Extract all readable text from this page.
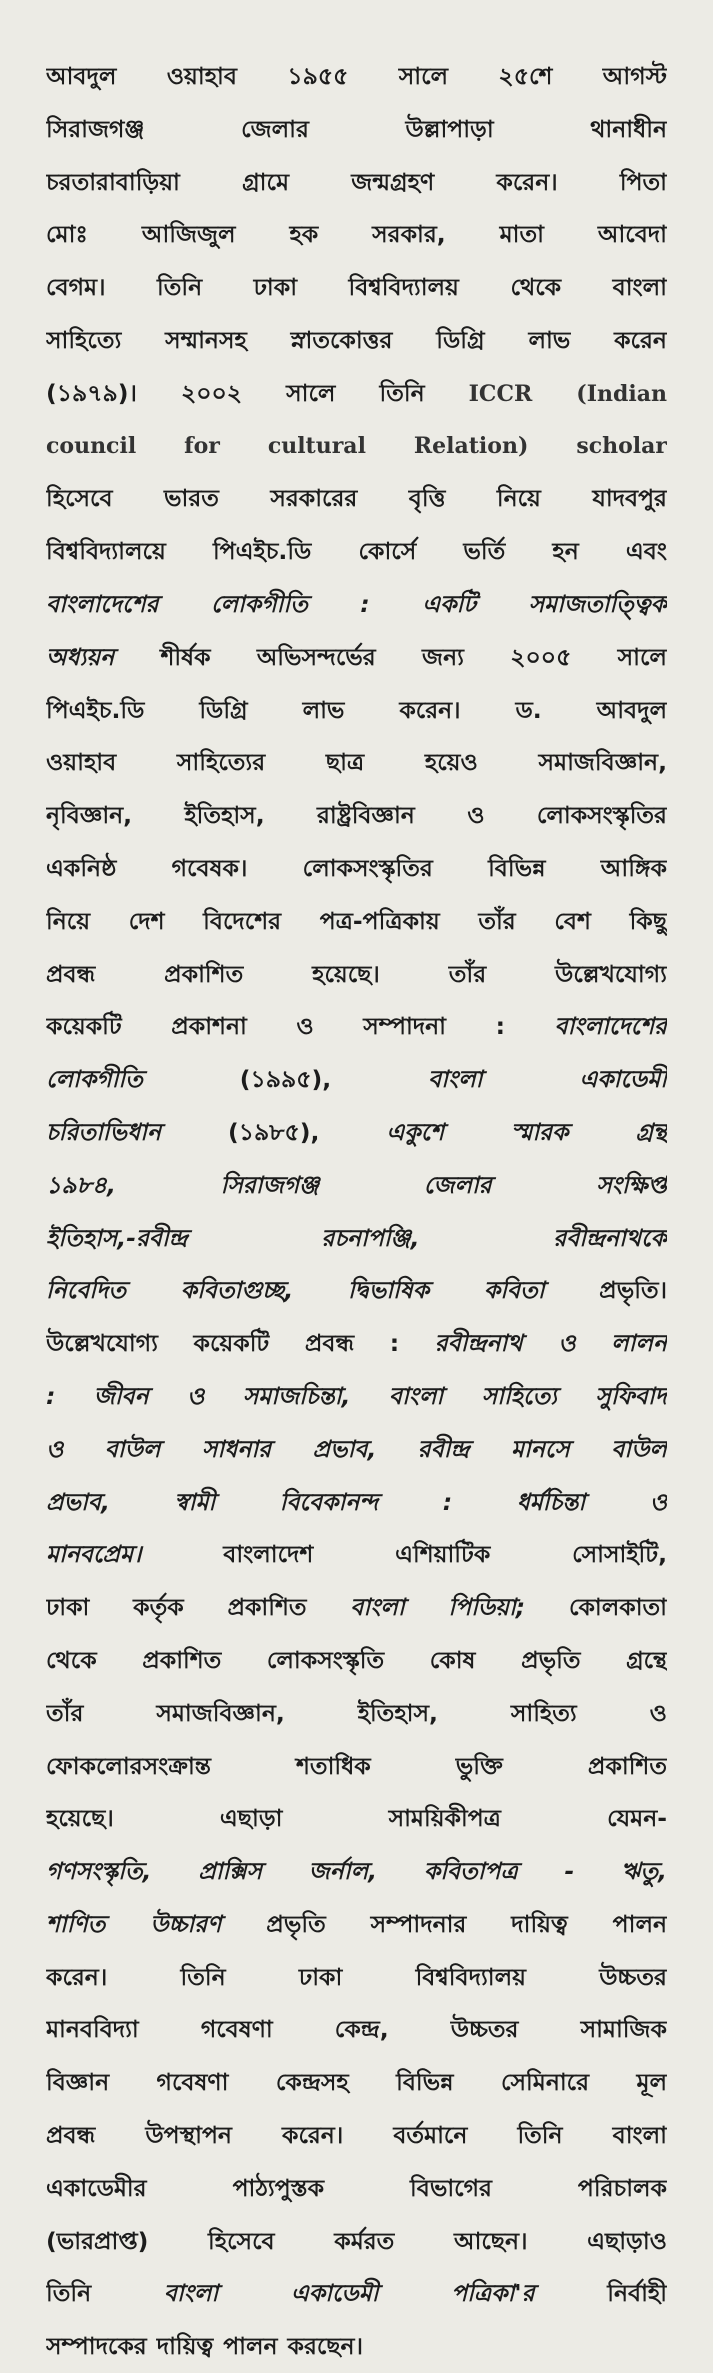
আবদুল ওয়াহাব ১৯৫৫ সালে ২৫শে আগস্ট
সিরাজগঞ্জ	জেলার	উল্লাপাড়া	থানাধীন
চরতারাবাড়িয়া	গ্রামে	জন্মগ্রহণ	করেন।	পিতা
মোঃ আজিজুল হক সরকার, মাতা আবেদা
বেগম। তিনি ঢাকা বিশ্ববিদ্যালয় থেকে বাংলা
সাহিত্যে সম্মানসহ স্নাতকোত্তর ডিগ্রি লাভ করেন
(১৯৭৯)। ২০০২ সালে তিনি ICCR (Indian
council for cultural Relation) scholar
হিসেবে ভারত সরকারের বৃত্তি নিয়ে যাদবপুর
বিশ্ববিদ্যালয়ে পিএইচ.ডি কোর্সে ভর্তি হন এবং
বাংলাদেশের লোকগীতি : একটি সমাজতাত্ত্বিক
অধ্যয়ন শীর্ষক অভিসন্দর্ভের জন্য ২০০৫ সালে
পিএইচ.ডি ডিগ্রি লাভ করেন। ড. আবদুল
ওয়াহাব	সাহিত্যের	ছাত্র	হয়েও	সমাজবিজ্ঞান,
নৃবিজ্ঞান, ইতিহাস, রাষ্ট্রবিজ্ঞান ও লোকসংস্কৃতির
একনিষ্ঠ গবেষক। লোকসংস্কৃতির বিভিন্ন আঙ্গিক
নিয়ে দেশ বিদেশের পত্র-পত্রিকায় তাঁর বেশ কিছু
প্রবন্ধ	প্রকাশিত	হয়েছে।	তাঁর	উল্লেখযোগ্য
কয়েকটি প্রকাশনা ও সম্পাদনা : বাংলাদেশের
লোকগীতি	(১৯৯৫),	বাংলা	একাডেমী
চরিতাভিধান	(১৯৮৫),	একুশে	স্মারক	গ্রন্থ
১৯৮৪,	সিরাজগঞ্জ	জেলার	সংক্ষিপ্ত
ইতিহাস,-রবীন্দ্র	রচনাপঞ্জি,	রবীন্দ্রনাথকে
নিবেদিত কবিতাগুচ্ছ, দ্বিভাষিক কবিতা প্রভৃতি।
উল্লেখযোগ্য কয়েকটি প্রবন্ধ : রবীন্দ্রনাথ ও লালন
: জীবন ও সমাজচিন্তা, বাংলা সাহিত্যে সুফিবাদ
ও বাউল সাধনার প্রভাব, রবীন্দ্র মানসে বাউল
প্রভাব,	স্বামী	বিবেকানন্দ	:	ধর্মচিন্তা	ও
মানবপ্রেম।	বাংলাদেশ	এশিয়াটিক	সোসাইটি,
ঢাকা কর্তৃক প্রকাশিত বাংলা পিডিয়া; কোলকাতা
থেকে প্রকাশিত লোকসংস্কৃতি কোষ প্রভৃতি গ্রন্থে
তাঁর	সমাজবিজ্ঞান,	ইতিহাস,	সাহিত্য	ও
ফোকলোরসংক্রান্ত	শতাধিক	ভুক্তি	প্রকাশিত
হয়েছে।	এছাড়া	সাময়িকীপত্র	যেমন-
গণসংস্কৃতি, প্রাক্সিস জর্নাল, কবিতাপত্র - ঋতু,
শাণিত উচ্চারণ প্রভৃতি সম্পাদনার দায়িত্ব পালন
করেন।	তিনি	ঢাকা	বিশ্ববিদ্যালয়	উচ্চতর
মানববিদ্যা	গবেষণা	কেন্দ্র,	উচ্চতর	সামাজিক
বিজ্ঞান গবেষণা কেন্দ্রসহ বিভিন্ন সেমিনারে মূল
প্রবন্ধ উপস্থাপন করেন। বর্তমানে তিনি বাংলা
একাডেমীর	পাঠ্যপুস্তক	বিভাগের	পরিচালক
(ভারপ্রাপ্ত)	হিসেবে	কর্মরত	আছেন।	এছাড়াও
তিনি	বাংলা	একাডেমী	পত্রিকা'র	নির্বাহী
সম্পাদকের দায়িত্ব পালন করছেন।
